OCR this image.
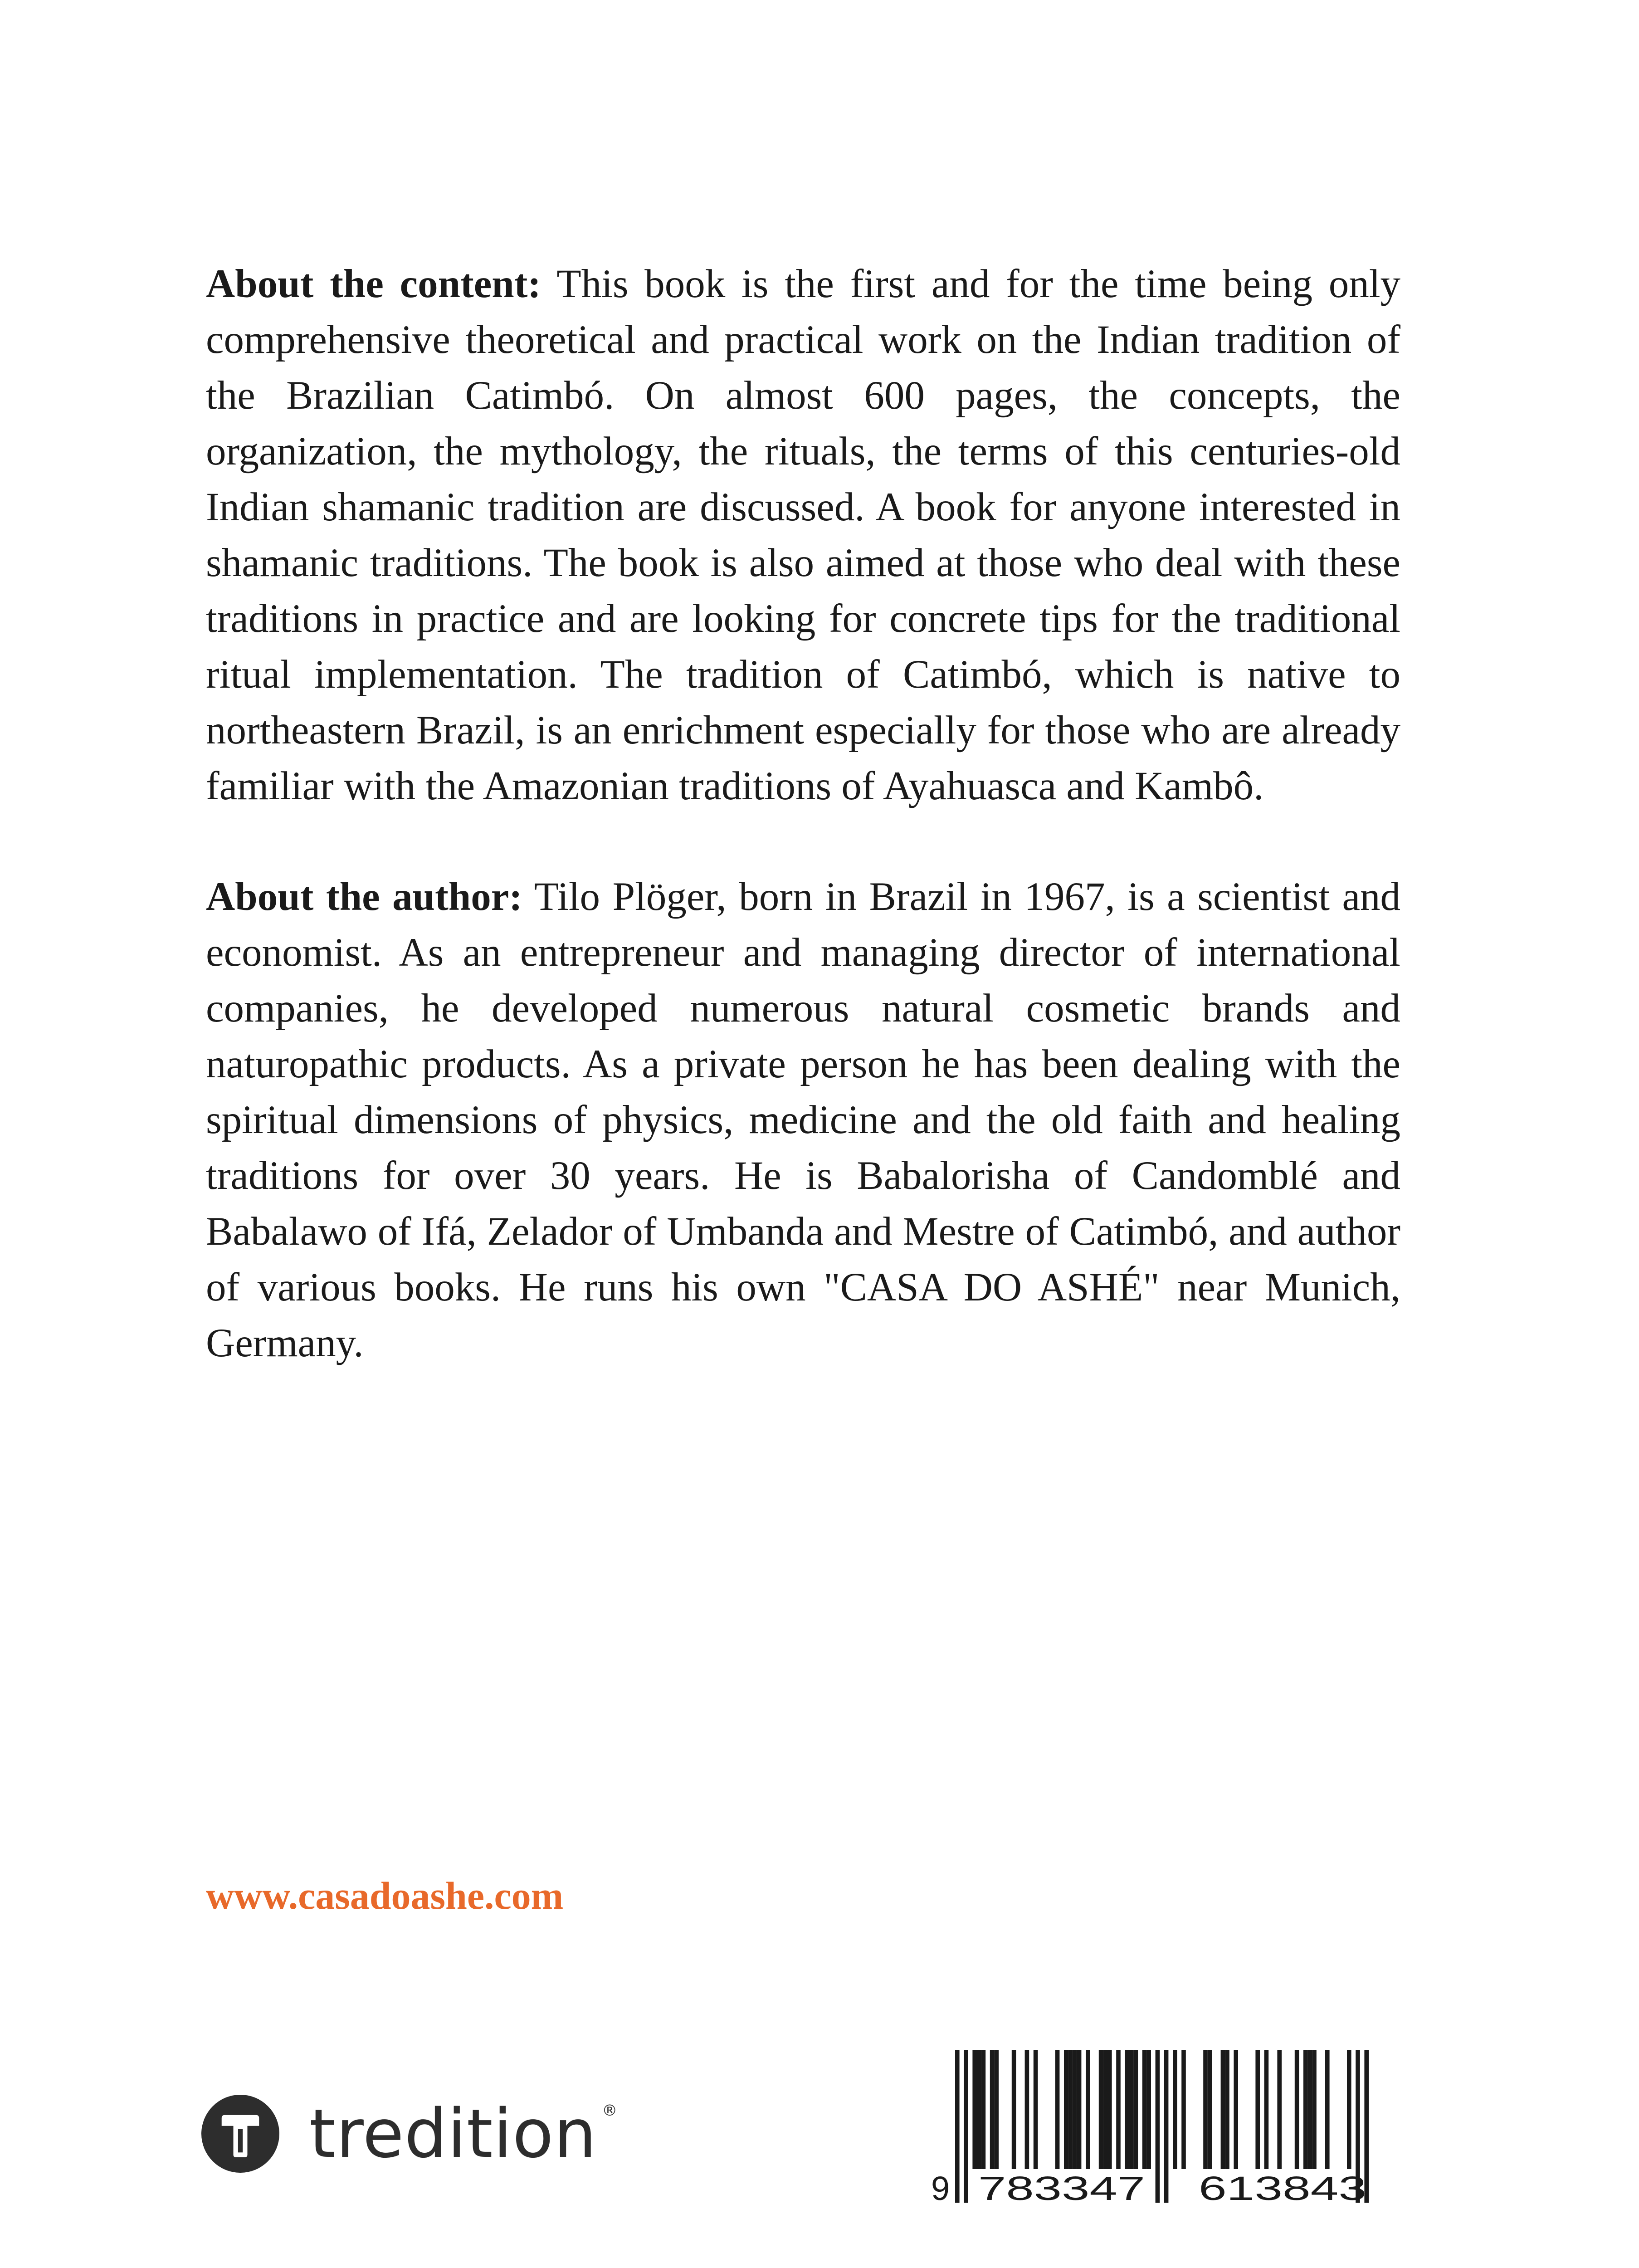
About the content: This book is the first and for the time being only comprehensive theoretical and practical work on the Indian tradition of the Brazilian Catimbó. On almost 600 pages, the concepts, the organization, the mythology, the rituals, the terms of this centuries-old Indian shamanic tradition are discussed. A book for anyone interested in shamanic traditions. The book is also aimed at those who deal with these traditions in practice and are looking for concrete tips for the traditional ritual implementation. The tradition of Catimbó, which is native to northeastern Brazil, is an enrichment especially for those who are already familiar with the Amazonian traditions of Ayahuasca and Kambô.

About the author: Tilo Plöger, born in Brazil in 1967, is a scientist and economist. As an entrepreneur and managing director of international companies, he developed numerous natural cosmetic brands and naturopathic products. As a private person he has been dealing with the spiritual dimensions of physics, medicine and the old faith and healing traditions for over 30 years. He is Babalorisha of Candomblé and Babalawo of Ifá, Zelador of Umbanda and Mestre of Catimbó, and author of various books. He runs his own "CASA DO ASHÉ" near Munich, Germany.

www.casadoashe.com
tredition ®
9 783347 613843
